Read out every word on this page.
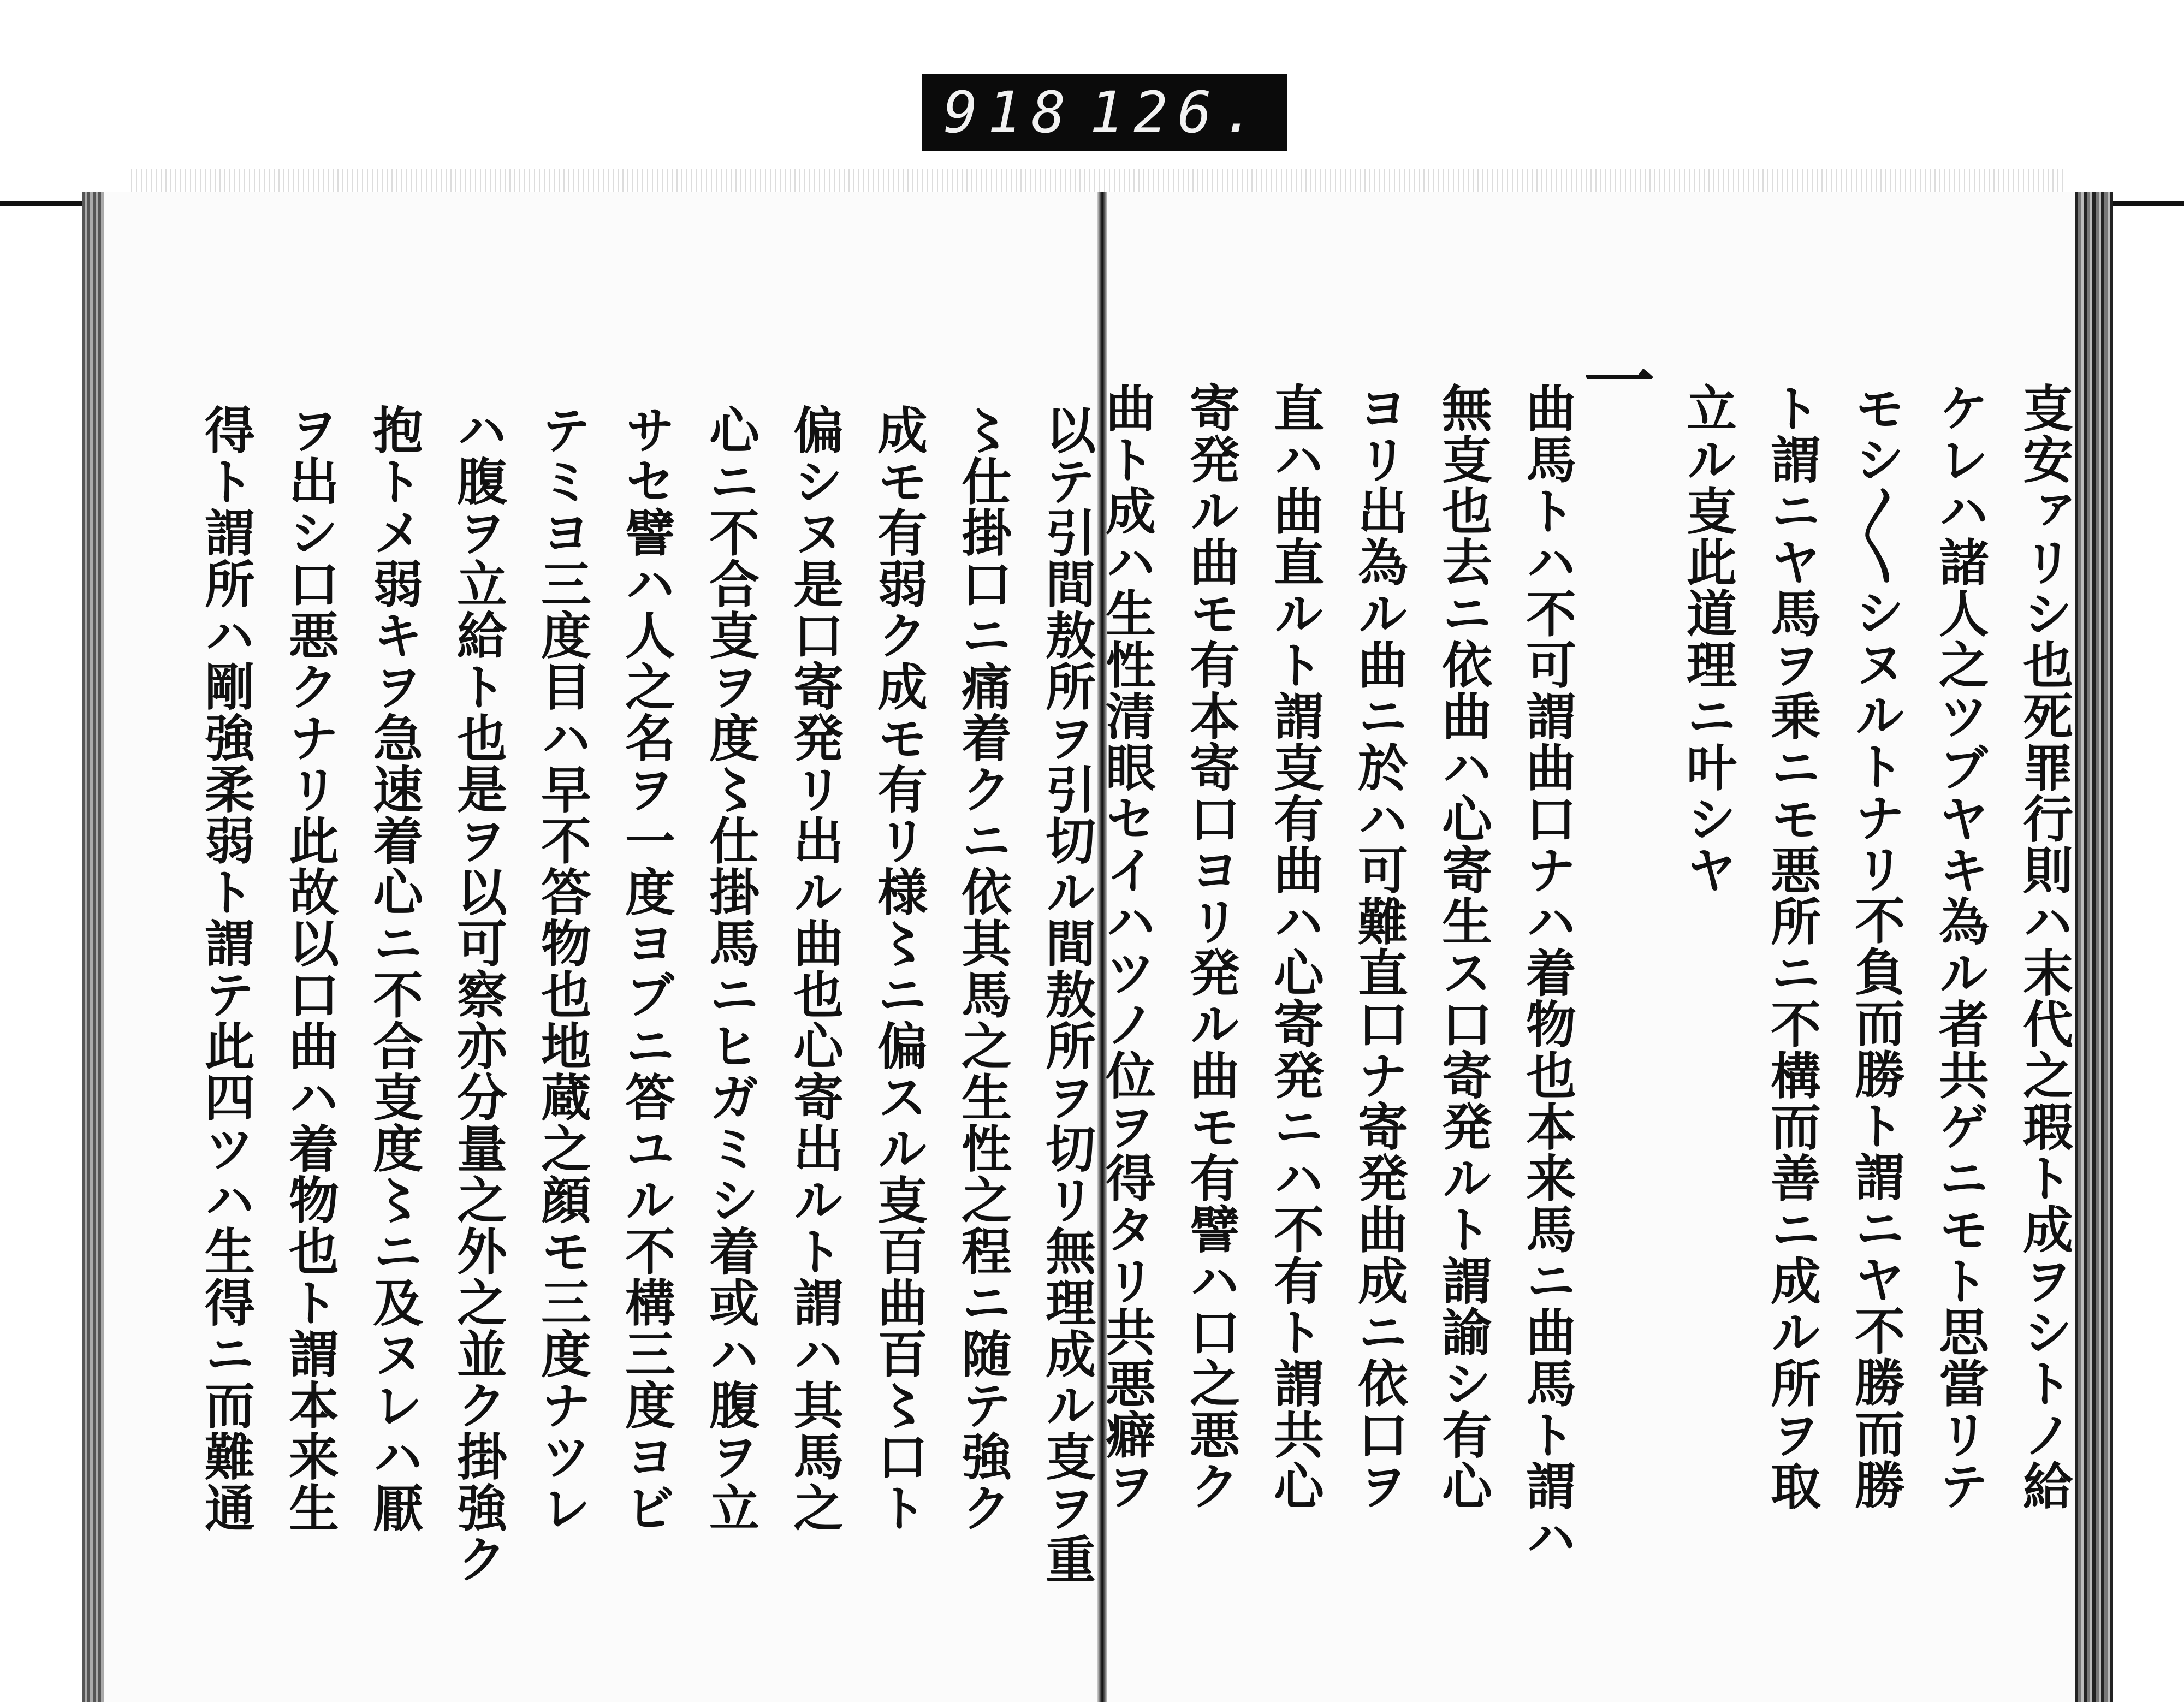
918 126.
㕝安ァリシ也死罪行則ハ末代之瑕ト成ヲシトノ給
ケレハ諸人之ツブヤキ為ル者共ゲニモト思當リテ
モシ〳〵シヌルトナリ不負而勝ト謂ニヤ不勝而勝
ト謂ニヤ馬ヲ乗ニモ悪所ニ不構而善ニ成ル所ヲ取
立ル㕝此道理ニ叶シヤ
一
曲馬トハ不可謂曲口ナハ着物也本来馬ニ曲馬ト謂ハ
無㕝也去ニ依曲ハ心寄生ス口寄発ルト謂諭シ有心
ヨリ出為ル曲ニ於ハ可難直口ナ寄発曲成ニ依口ヲ
直ハ曲直ルト謂㕝有曲ハ心寄発ニハ不有ト謂共心
寄発ル曲モ有本寄口ヨリ発ル曲モ有譬ハ口之悪ク
曲ト成ハ生性清眼セイハツノ位ヲ得タリ共悪癖ヲ
以テ引間敖所ヲ引切ル間敖所ヲ切リ無理成ル㕝ヲ重
〻仕掛口ニ痛着クニ依其馬之生性之程ニ随テ強ク
成モ有弱ク成モ有リ様〻ニ偏スル㕝百曲百〻口ト
偏シヌ是口寄発リ出ル曲也心寄出ルト謂ハ其馬之
心ニ不合㕝ヲ度〻仕掛馬ニヒガミシ着或ハ腹ヲ立
サセ譬ハ人之名ヲ一度ヨブニ答ユル不構三度ヨビ
テミヨ三度目ハ早不答物也地蔵之顔モ三度ナツレ
ハ腹ヲ立給ト也是ヲ以可察亦分量之外之並ク掛強ク
抱トメ弱キヲ急速着心ニ不合㕝度〻ニ及ヌレハ厭
ヲ出シ口悪クナリ此故以口曲ハ着物也ト謂本来生
得ト謂所ハ剛強柔弱ト謂テ此四ツハ生得ニ而難通
